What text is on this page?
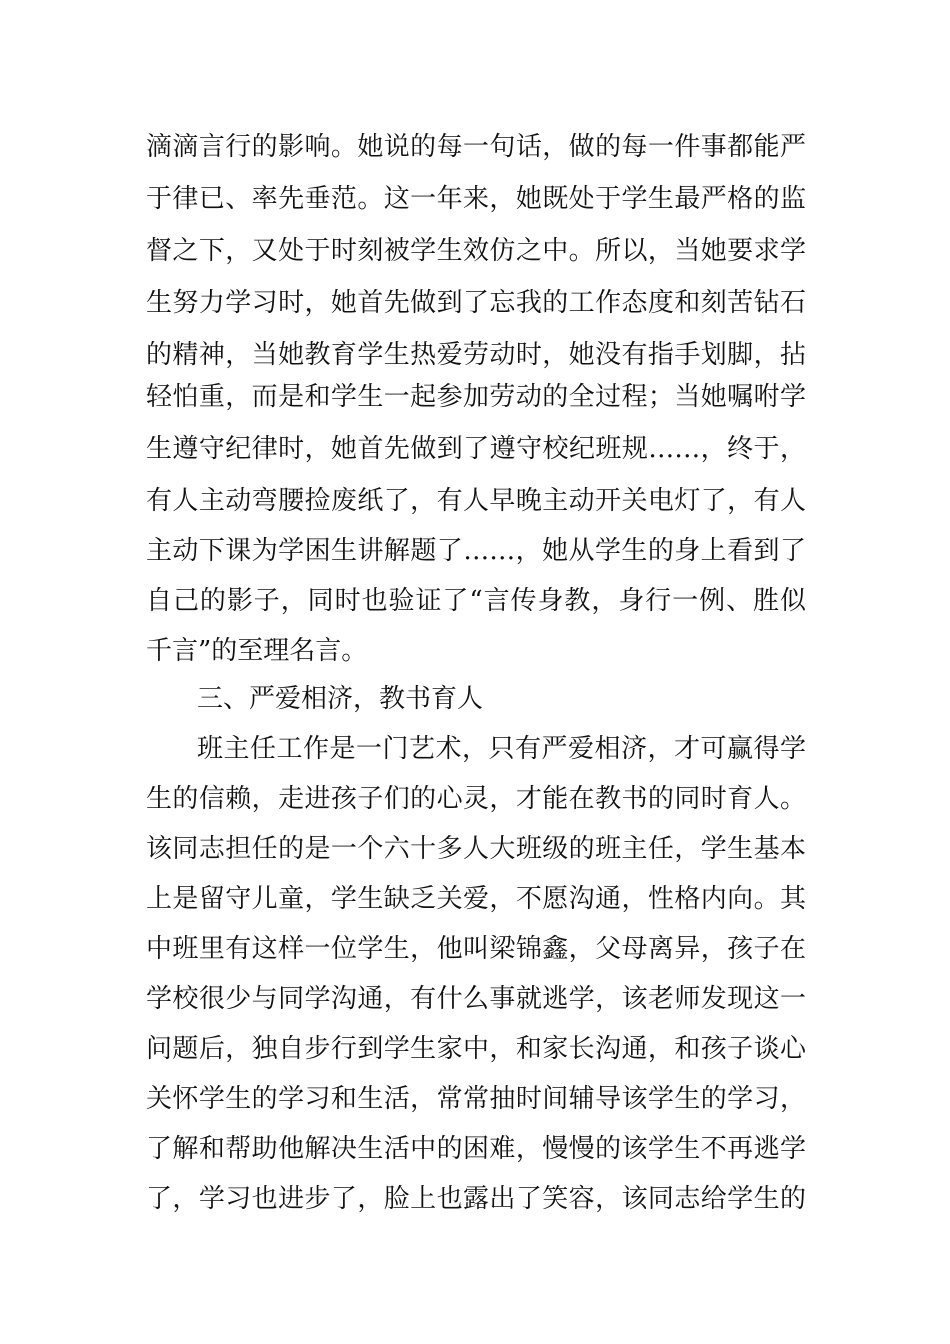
滴滴言行的影响。她说的每一句话，做的每一件事都能严

于律已、率先垂范。这一年来，她既处于学生最严格的监

督之下，又处于时刻被学生效仿之中。所以，当她要求学

生努力学习时，她首先做到了忘我的工作态度和刻苦钻石

的精神，当她教育学生热爱劳动时，她没有指手划脚，拈

轻怕重，而是和学生一起参加劳动的全过程；当她嘱咐学

生遵守纪律时，她首先做到了遵守校纪班规……，终于，

有人主动弯腰捡废纸了，有人早晚主动开关电灯了，有人

主动下课为学困生讲解题了……，她从学生的身上看到了

自己的影子，同时也验证了“言传身教，身行一例、胜似

千言”的至理名言。

三、严爱相济，教书育人

班主任工作是一门艺术，只有严爱相济，才可赢得学

生的信赖，走进孩子们的心灵，才能在教书的同时育人。

该同志担任的是一个六十多人大班级的班主任，学生基本

上是留守儿童，学生缺乏关爱，不愿沟通，性格内向。其

中班里有这样一位学生，他叫梁锦鑫，父母离异，孩子在

学校很少与同学沟通，有什么事就逃学，该老师发现这一

问题后，独自步行到学生家中，和家长沟通，和孩子谈心

关怀学生的学习和生活，常常抽时间辅导该学生的学习，

了解和帮助他解决生活中的困难，慢慢的该学生不再逃学

了，学习也进步了，脸上也露出了笑容，该同志给学生的
